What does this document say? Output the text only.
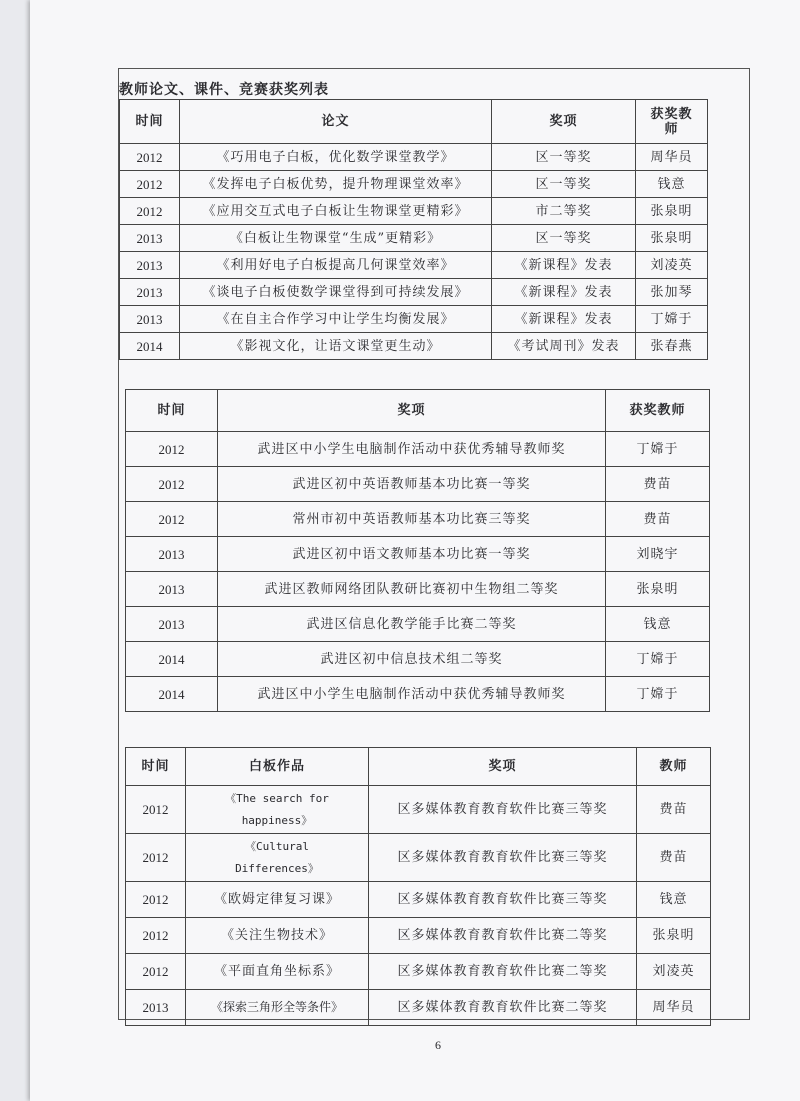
教师论文、课件、竞赛获奖列表
时间	论文	奖项	获奖教师
2012	《巧用电子白板，优化数学课堂教学》	区一等奖	周华员
2012	《发挥电子白板优势，提升物理课堂效率》	区一等奖	钱意
2012	《应用交互式电子白板让生物课堂更精彩》	市二等奖	张泉明
2013	《白板让生物课堂“生成”更精彩》	区一等奖	张泉明
2013	《利用好电子白板提高几何课堂效率》	《新课程》发表	刘凌英
2013	《谈电子白板使数学课堂得到可持续发展》	《新课程》发表	张加琴
2013	《在自主合作学习中让学生均衡发展》	《新课程》发表	丁嫦于
2014	《影视文化，让语文课堂更生动》	《考试周刊》发表	张春燕
时间	奖项	获奖教师
2012	武进区中小学生电脑制作活动中获优秀辅导教师奖	丁嫦于
2012	武进区初中英语教师基本功比赛一等奖	费苗
2012	常州市初中英语教师基本功比赛三等奖	费苗
2013	武进区初中语文教师基本功比赛一等奖	刘晓宇
2013	武进区教师网络团队教研比赛初中生物组二等奖	张泉明
2013	武进区信息化教学能手比赛二等奖	钱意
2014	武进区初中信息技术组二等奖	丁嫦于
2014	武进区中小学生电脑制作活动中获优秀辅导教师奖	丁嫦于
时间	白板作品	奖项	教师
2012	《The search for
happiness》	区多媒体教育教育软件比赛三等奖	费苗
2012	《Cultural
Differences》	区多媒体教育教育软件比赛三等奖	费苗
2012	《欧姆定律复习课》	区多媒体教育教育软件比赛三等奖	钱意
2012	《关注生物技术》	区多媒体教育教育软件比赛二等奖	张泉明
2012	《平面直角坐标系》	区多媒体教育教育软件比赛二等奖	刘凌英
2013	《探索三角形全等条件》	区多媒体教育教育软件比赛二等奖	周华员
6
